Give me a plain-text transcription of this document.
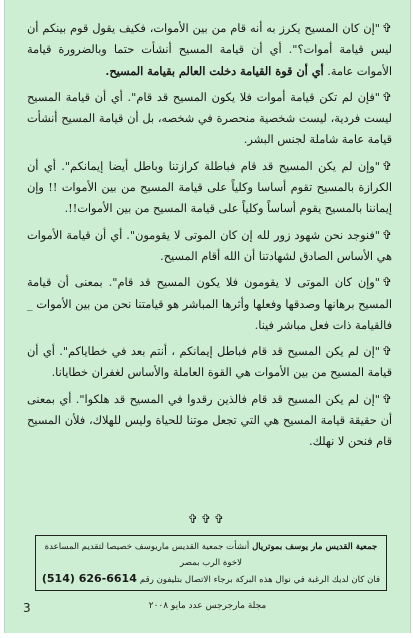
✞"إن كان المسيح يكرز به أنه قام من بين الأموات، فكيف يقول قوم بينكم أن ليس قيامة أموات؟". أي أن قيامة المسيح أنشأت حتما وبالضرورة قيامة الأموات عامة. أي أن قوة القيامة دخلت العالم بقيامة المسيح.

✞"فإن لم تكن قيامة أموات فلا يكون المسيح قد قام". أي أن قيامة المسيح ليست فردية، ليست شخصية منحصرة في شخصه، بل أن قيامة المسيح أنشأت قيامة عامة شاملة لجنس البشر.

✞"وإن لم يكن المسيح قد قام فباطلة كرازتنا وباطل أيضا إيمانكم". أي أن الكرازة بالمسيح تقوم أساسا وكلياً على قيامة المسيح من بين الأموات !! وإن إيماننا بالمسيح يقوم أساساً وكلياً على قيامة المسيح من بين الأموات!!.

✞"فنوجد نحن شهود زور لله إن كان الموتى لا يقومون". أي أن قيامة الأموات هي الأساس الصادق لشهادتنا أن الله أقام المسيح.

✞"وإن كان الموتى لا يقومون فلا يكون المسيح قد قام". بمعنى أن قيامة المسيح برهانها وصدقها وفعلها وأثرها المباشر هو قيامتنا نحن من بين الأموات _ فالقيامة ذات فعل مباشر فينا.

✞"إن لم يكن المسيح قد قام فباطل إيمانكم ، أنتم بعد في خطاياكم". أي أن قيامة المسيح من بين الأموات هي القوة العاملة والأساس لغفران خطايانا.

✞"إن لم يكن المسيح قد قام فالذين رقدوا في المسيح قد هلكوا". أي بمعنى أن حقيقة قيامة المسيح هي التي تجعل موتنا للحياة وليس للهلاك، فلأن المسيح قام فنحن لا نهلك.

✞✞✞
جمعية القديس مار يوسف بموتريال أنشأت جمعية القديس ماريوسف خصيصا لتقديم المساعدة لاخوة الرب بمصر
فان كان لديك الرغبة في نوال هذه البركة برجاء الاتصال بتليفون رقم(514) 626-6614
مجلة مارجرجس عدد مايو ٢٠٠٨
3
